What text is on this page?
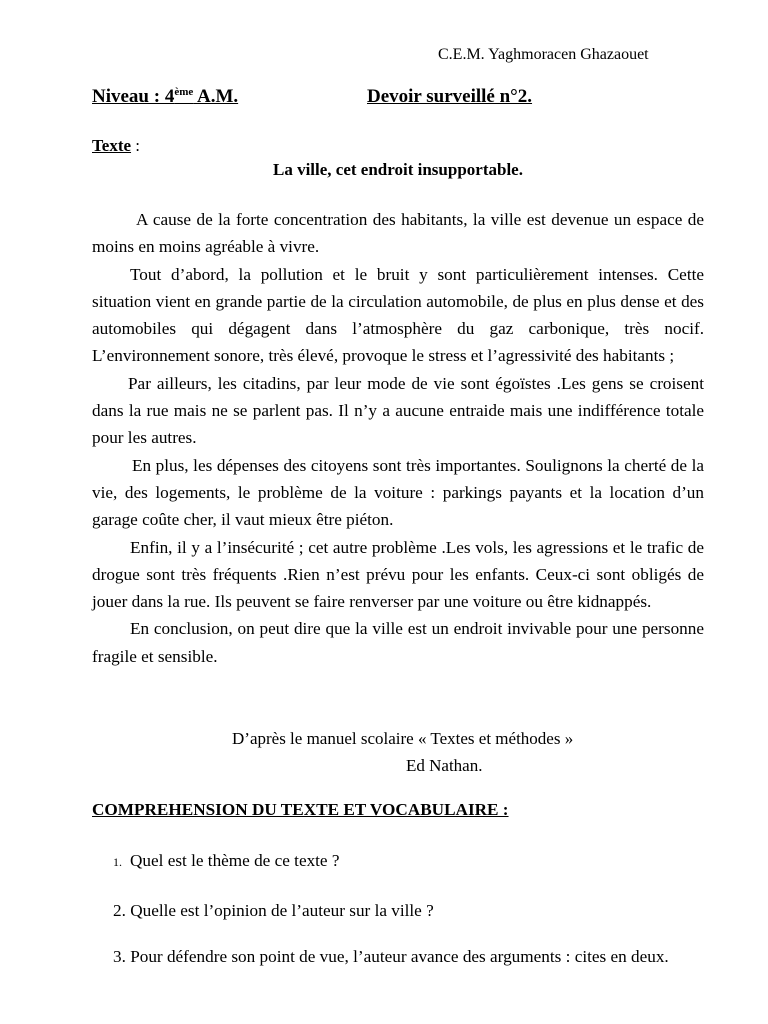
C.E.M. Yaghmoracen Ghazaouet
Niveau : 4ème A.M.	Devoir surveillé n°2.
Texte :
La ville, cet endroit insupportable.

A cause de la forte concentration des habitants, la ville est devenue un espace de moins en moins agréable à vivre.

Tout d’abord, la pollution et le bruit y sont particulièrement intenses. Cette situation vient en grande partie de la circulation automobile, de plus en plus dense et des automobiles qui dégagent dans l’atmosphère du gaz carbonique, très nocif. L’environnement sonore, très élevé, provoque le stress et l’agressivité des habitants ;

Par ailleurs, les citadins, par leur mode de vie sont égoïstes .Les gens se croisent dans la rue mais ne se parlent pas. Il n’y a aucune entraide mais une indifférence totale pour les autres.

En plus, les dépenses des citoyens sont très importantes. Soulignons la cherté de la vie, des logements, le problème de la voiture : parkings payants et la location d’un garage coûte cher, il vaut mieux être piéton.

Enfin, il y a l’insécurité ; cet autre problème .Les vols, les agressions et le trafic de drogue sont très fréquents .Rien n’est prévu pour les enfants. Ceux-ci sont obligés de jouer dans la rue. Ils peuvent se faire renverser par une voiture ou être kidnappés.

En conclusion, on peut dire que la ville est un endroit invivable pour une personne fragile et sensible.

D’après le manuel scolaire « Textes et méthodes »
Ed Nathan.
COMPREHENSION DU TEXTE ET VOCABULAIRE :
1. Quel est le thème de ce texte ?
2. Quelle est l’opinion de l’auteur sur la ville ?
3. Pour défendre son point de vue, l’auteur avance des arguments : cites en deux.
